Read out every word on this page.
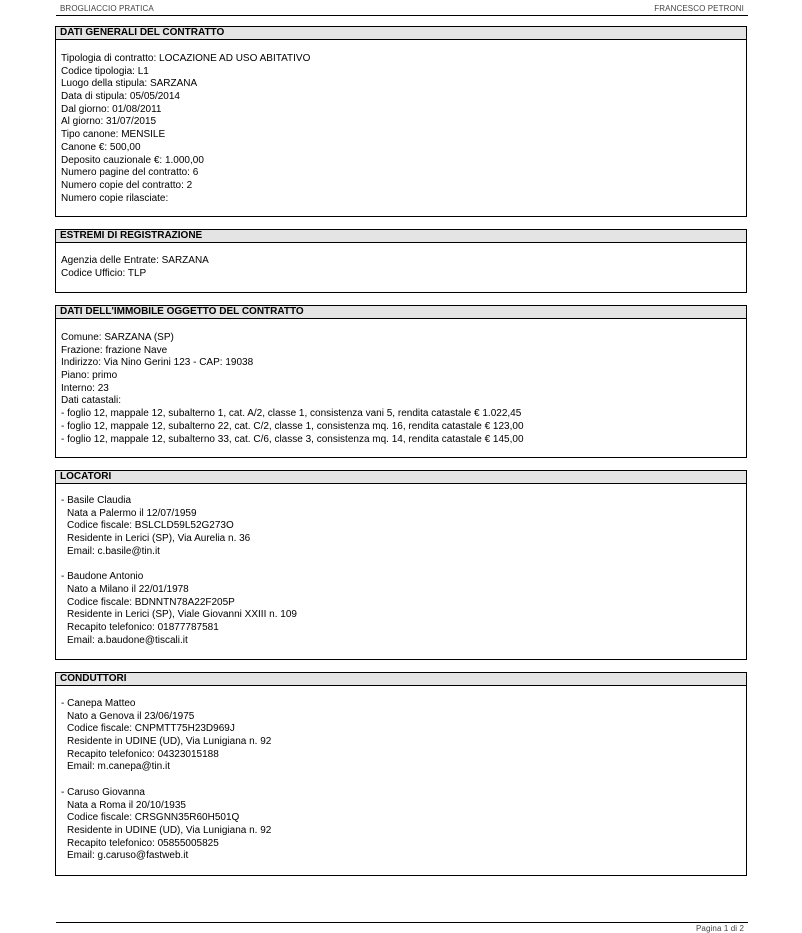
BROGLIACCIO PRATICA	FRANCESCO PETRONI
DATI GENERALI DEL CONTRATTO
Tipologia di contratto: LOCAZIONE AD USO ABITATIVO
Codice tipologia: L1
Luogo della stipula: SARZANA
Data di stipula: 05/05/2014
Dal giorno: 01/08/2011
Al giorno: 31/07/2015
Tipo canone: MENSILE
Canone €: 500,00
Deposito cauzionale €: 1.000,00
Numero pagine del contratto: 6
Numero copie del contratto: 2
Numero copie rilasciate:
ESTREMI DI REGISTRAZIONE
Agenzia delle Entrate: SARZANA
Codice Ufficio: TLP
DATI DELL'IMMOBILE OGGETTO DEL CONTRATTO
Comune: SARZANA (SP)
Frazione: frazione Nave
Indirizzo: Via Nino Gerini 123 - CAP: 19038
Piano: primo
Interno: 23
Dati catastali:
- foglio 12, mappale 12, subalterno 1, cat. A/2, classe 1, consistenza vani 5, rendita catastale € 1.022,45
- foglio 12, mappale 12, subalterno 22, cat. C/2, classe 1, consistenza mq. 16, rendita catastale € 123,00
- foglio 12, mappale 12, subalterno 33, cat. C/6, classe 3, consistenza mq. 14, rendita catastale € 145,00
LOCATORI
- Basile Claudia
Nata a Palermo il 12/07/1959
Codice fiscale: BSLCLD59L52G273O
Residente in Lerici (SP), Via Aurelia n. 36
Email: c.basile@tin.it
- Baudone Antonio
Nato a Milano il 22/01/1978
Codice fiscale: BDNNTN78A22F205P
Residente in Lerici (SP), Viale Giovanni XXIII n. 109
Recapito telefonico: 01877787581
Email: a.baudone@tiscali.it
CONDUTTORI
- Canepa Matteo
Nato a Genova il 23/06/1975
Codice fiscale: CNPMTT75H23D969J
Residente in UDINE (UD), Via Lunigiana n. 92
Recapito telefonico: 04323015188
Email: m.canepa@tin.it
- Caruso Giovanna
Nata a Roma il 20/10/1935
Codice fiscale: CRSGNN35R60H501Q
Residente in UDINE (UD), Via Lunigiana n. 92
Recapito telefonico: 05855005825
Email: g.caruso@fastweb.it
Pagina 1 di 2
